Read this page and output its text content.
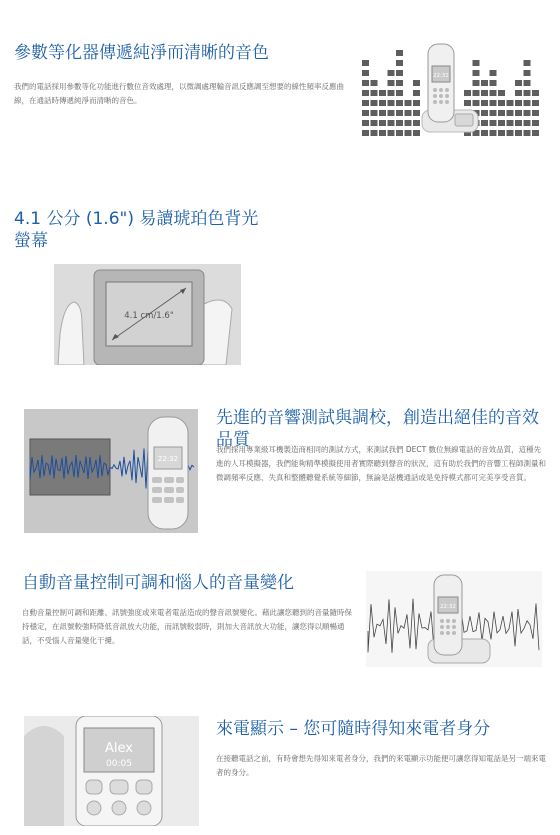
參數等化器傳遞純淨而清晰的音色

我們的電話採用參數等化功能進行數位音效處理，以微調處理輸音訊反應調至想要的線性頻率反應曲線，在通話時傳遞純淨而清晰的音色。

22:32
4.1 公分 (1.6") 易讀琥珀色背光螢幕
4.1 cm/1.6"
22:32
先進的音響測試與調校，創造出絕佳的音效品質

我們採用專業級耳機製造商相同的測試方式，來測試我們 DECT 數位無線電話的音效品質，這種先進的人耳模擬器，我們能夠精準模擬使用者實際聽到聲音的狀況，這有助於我們的音響工程師測量和微調頻率反應、失真和整體聽覺系統等細節，無論是話機通話或是免持模式都可完美享受音質。

自動音量控制可調和惱人的音量變化

自動音量控制可調和距離、訊號強度或來電者電話造成的聲音訊號變化。藉此讓您聽到的音量隨時保持穩定，在訊號較強時降低音訊放大功能，而訊號較弱時，則加大音訊放大功能，讓您得以順暢通話，不受惱人音量變化干擾。

22:32
Alex
00:05
來電顯示 – 您可隨時得知來電者身分

在接聽電話之前，有時會想先得知來電者身分，我們的來電顯示功能便可讓您得知電話是另一端來電者的身分。
